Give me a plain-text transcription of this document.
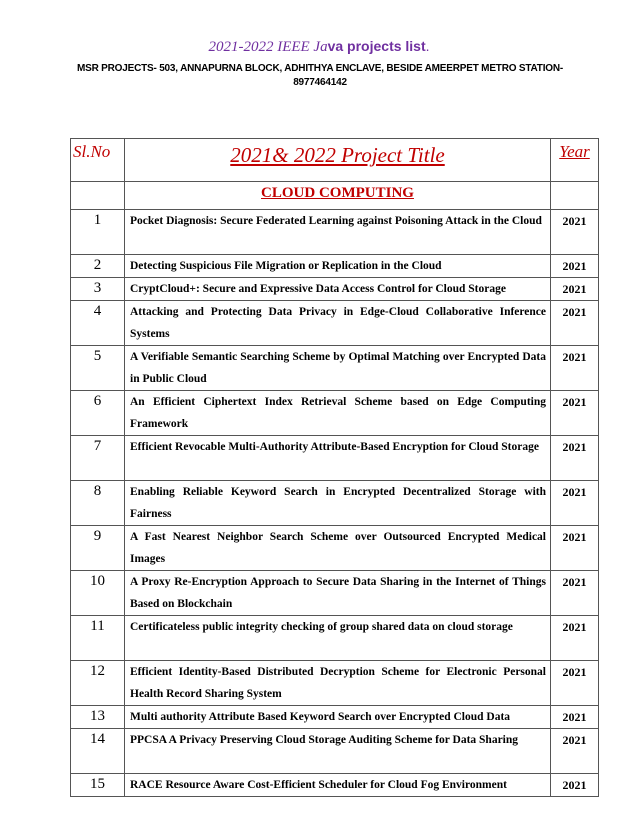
2021-2022 IEEE Java projects list.
MSR PROJECTS- 503, ANNAPURNA BLOCK, ADHITHYA ENCLAVE, BESIDE AMEERPET METRO STATION-8977464142
Sl.No	2021& 2022 Project Title	Year
	CLOUD COMPUTING	
1	Pocket Diagnosis: Secure Federated Learning against Poisoning Attack in the Cloud	2021
2	Detecting Suspicious File Migration or Replication in the Cloud	2021
3	CryptCloud+: Secure and Expressive Data Access Control for Cloud Storage	2021
4	Attacking and Protecting Data Privacy in Edge-Cloud Collaborative Inference Systems	2021
5	A Verifiable Semantic Searching Scheme by Optimal Matching over Encrypted Data in Public Cloud	2021
6	An Efficient Ciphertext Index Retrieval Scheme based on Edge Computing Framework	2021
7	Efficient Revocable Multi-Authority Attribute-Based Encryption for Cloud Storage	2021
8	Enabling Reliable Keyword Search in Encrypted Decentralized Storage with Fairness	2021
9	A Fast Nearest Neighbor Search Scheme over Outsourced Encrypted Medical Images	2021
10	A Proxy Re-Encryption Approach to Secure Data Sharing in the Internet of Things Based on Blockchain	2021
11	Certificateless public integrity checking of group shared data on cloud storage	2021
12	Efficient Identity-Based Distributed Decryption Scheme for Electronic Personal Health Record Sharing System	2021
13	Multi authority Attribute Based Keyword Search over Encrypted Cloud Data	2021
14	PPCSA A Privacy Preserving Cloud Storage Auditing Scheme for Data Sharing	2021
15	RACE Resource Aware Cost-Efficient Scheduler for Cloud Fog Environment	2021
